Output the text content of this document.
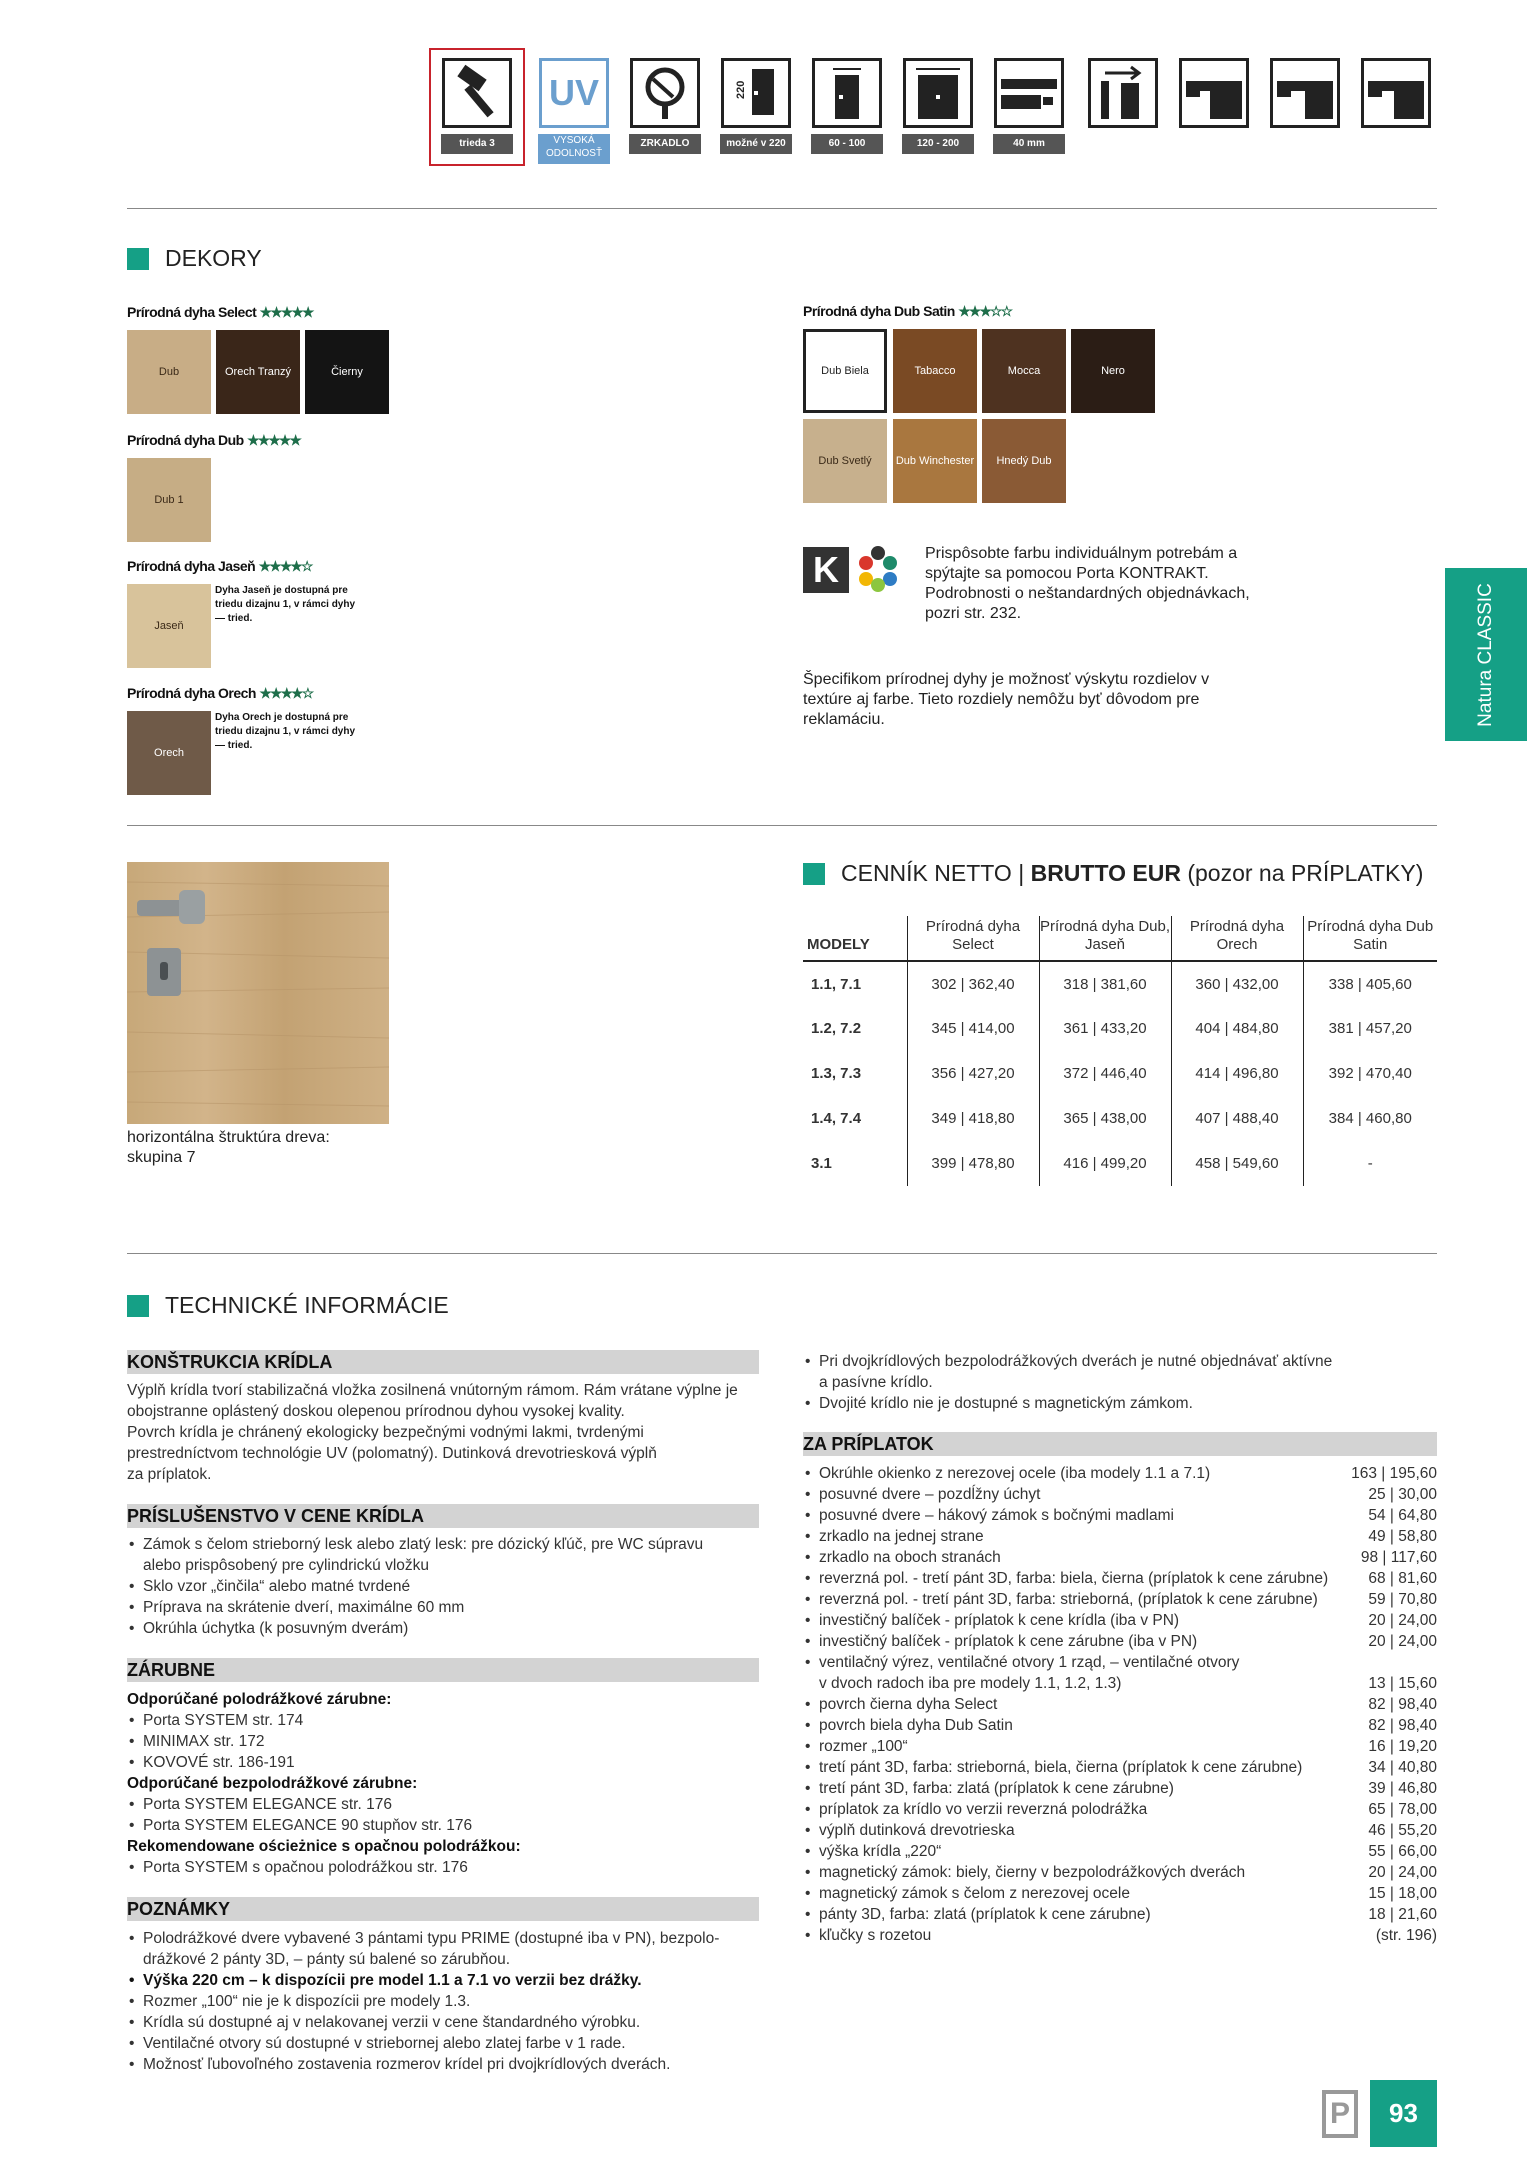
trieda 3
UV
VYSOKÁ ODOLNOSŤ
ZRKADLO
220
možné v 220	60 - 100	120 - 200	40 mm
DEKORY
Prírodná dyha Select ★★★★★
Dub	Orech Tranzý	Čierny
Prírodná dyha Dub ★★★★★
Dub 1
Prírodná dyha Jaseň ★★★★☆
Jaseň
Dyha Jaseň je dostupná pre triedu dizajnu 1, v rámci dyhy — tried.
Prírodná dyha Orech ★★★★☆
Orech
Dyha Orech je dostupná pre triedu dizajnu 1, v rámci dyhy — tried.
Prírodná dyha Dub Satin ★★★☆☆
Dub Biela	Tabacco	Mocca	Nero
Dub Svetlý Dub Winchester Hnedý Dub
K	Prispôsobte farbu individuálnym potrebám a spýtajte sa pomocou Porta KONTRAKT. Podrobnosti o neštandardných objednávkach, pozri str. 232.
Špecifikom prírodnej dyhy je možnosť výskytu rozdielov v textúre aj farbe. Tieto rozdiely nemôžu byť dôvodom pre reklamáciu.	Natura CLASSIC
horizontálna štruktúra dreva:
skupina 7
CENNÍK NETTO | BRUTTO EUR (pozor na PRÍPLATKY)
MODELY	Prírodná dyha Select	Prírodná dyha Dub, Jaseň	Prírodná dyha Orech	Prírodná dyha Dub Satin
1.1, 7.1	302 | 362,40	318 | 381,60	360 | 432,00	338 | 405,60
1.2, 7.2	345 | 414,00	361 | 433,20	404 | 484,80	381 | 457,20
1.3, 7.3	356 | 427,20	372 | 446,40	414 | 496,80	392 | 470,40
1.4, 7.4	349 | 418,80	365 | 438,00	407 | 488,40	384 | 460,80
3.1	399 | 478,80	416 | 499,20	458 | 549,60	-
TECHNICKÉ INFORMÁCIE
KONŠTRUKCIA KRÍDLA
Výplň krídla tvorí stabilizačná vložka zosilnená vnútorným rámom. Rám vrátane výplne je
obojstranne oplástený doskou olepenou prírodnou dyhou vysokej kvality.
Povrch krídla je chránený ekologicky bezpečnými vodnými lakmi, tvrdenými
prestredníctvom technológie UV (polomatný). Dutinková drevotriesková výplň
za príplatok.
PRÍSLUŠENSTVO V CENE KRÍDLA
• Zámok s čelom strieborný lesk alebo zlatý lesk: pre dózický kľúč, pre WC súpravu
alebo prispôsobený pre cylindrickú vložku
• Sklo vzor „činčila“ alebo matné tvrdené
• Príprava na skrátenie dverí, maximálne 60 mm
• Okrúhla úchytka (k posuvným dverám)
ZÁRUBNE
Odporúčané polodrážkové zárubne:
• Porta SYSTEM str. 174
• MINIMAX str. 172
• KOVOVÉ str. 186-191
Odporúčané bezpolodrážkové zárubne:
• Porta SYSTEM ELEGANCE str. 176
• Porta SYSTEM ELEGANCE 90 stupňov str. 176
Rekomendowane ościeżnice s opačnou polodrážkou:
• Porta SYSTEM s opačnou polodrážkou str. 176
POZNÁMKY
• Polodrážkové dvere vybavené 3 pántami typu PRIME (dostupné iba v PN), bezpolo-
drážkové 2 pánty 3D, – pánty sú balené so zárubňou.
• Výška 220 cm – k dispozícii pre model 1.1 a 7.1 vo verzii bez drážky.
• Rozmer „100“ nie je k dispozícii pre modely 1.3.
• Krídla sú dostupné aj v nelakovanej verzii v cene štandardného výrobku.
• Ventilačné otvory sú dostupné v striebornej alebo zlatej farbe v 1 rade.
• Možnosť ľubovoľného zostavenia rozmerov krídel pri dvojkrídlových dverách.
• Pri dvojkrídlových bezpolodrážkových dverách je nutné objednávať aktívne
a pasívne krídlo.
• Dvojité krídlo nie je dostupné s magnetickým zámkom.
ZA PRÍPLATOK
• Okrúhle okienko z nerezovej ocele (iba modely 1.1 a 7.1)	163 | 195,60
• posuvné dvere – pozdĺžny úchyt	25 | 30,00
• posuvné dvere – hákový zámok s bočnými madlami	54 | 64,80
• zrkadlo na jednej strane	49 | 58,80
• zrkadlo na oboch stranách	98 | 117,60
• reverzná pol. - tretí pánt 3D, farba: biela, čierna (príplatok k cene zárubne)	68 | 81,60
• reverzná pol. - tretí pánt 3D, farba: strieborná, (príplatok k cene zárubne)	59 | 70,80
• investičný balíček - príplatok k cene krídla (iba v PN)	20 | 24,00
• investičný balíček - príplatok k cene zárubne (iba v PN)	20 | 24,00
• ventilačný výrez, ventilačné otvory 1 rząd, – ventilačné otvory
v dvoch radoch iba pre modely 1.1, 1.2, 1.3)	13 | 15,60
• povrch čierna dyha Select	82 | 98,40
• povrch biela dyha Dub Satin	82 | 98,40
• rozmer „100“	16 | 19,20
• tretí pánt 3D, farba: strieborná, biela, čierna (príplatok k cene zárubne)	34 | 40,80
• tretí pánt 3D, farba: zlatá (príplatok k cene zárubne)	39 | 46,80
• príplatok za krídlo vo verzii reverzná polodrážka	65 | 78,00
• výplň dutinková drevotrieska	46 | 55,20
• výška krídla „220“	55 | 66,00
• magnetický zámok: biely, čierny v bezpolodrážkových dverách	20 | 24,00
• magnetický zámok s čelom z nerezovej ocele	15 | 18,00
• pánty 3D, farba: zlatá (príplatok k cene zárubne)	18 | 21,60
• kľučky s rozetou	(str. 196)
P	93
